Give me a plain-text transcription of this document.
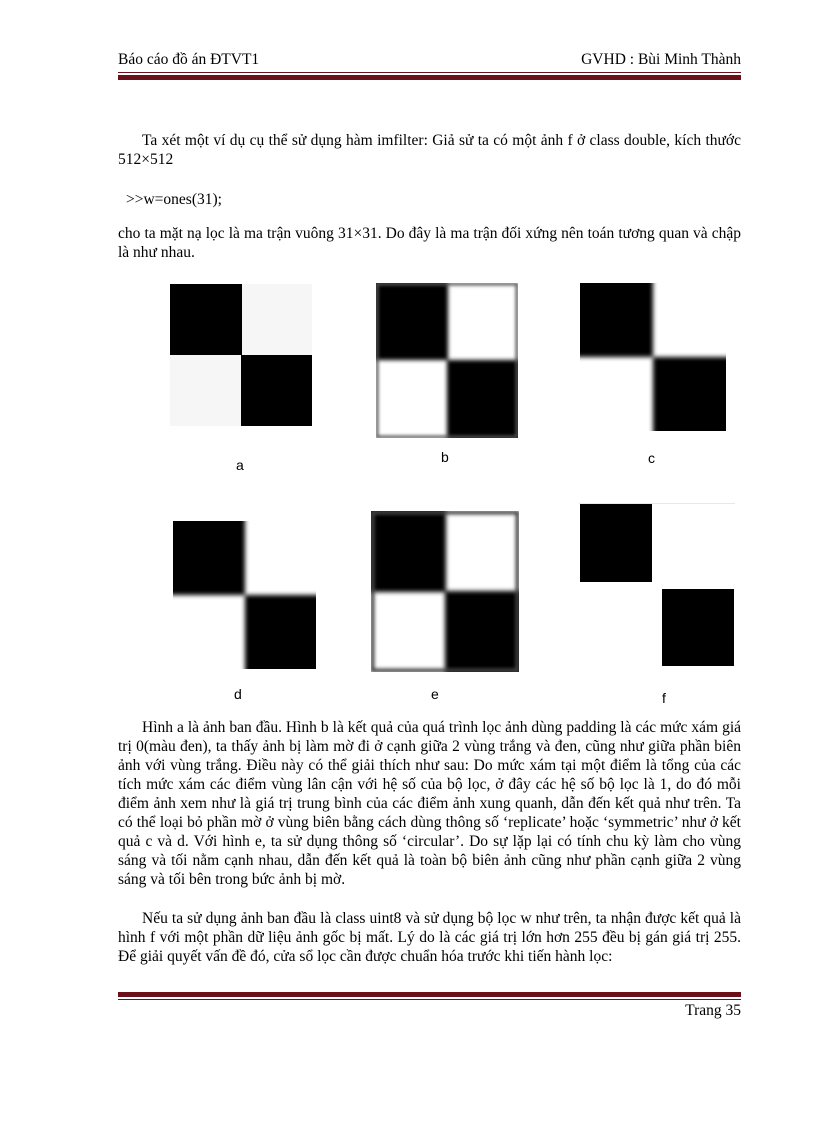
Báo cáo đồ án ĐTVT1	GVHD : Bùi Minh Thành

Ta xét một ví dụ cụ thể sử dụng hàm imfilter: Giả sử ta có một ảnh f ở class double, kích thước 512×512

>>w=ones(31);

cho ta mặt nạ lọc là ma trận vuông 31×31. Do đây là ma trận đối xứng nên toán tương quan và chập là như nhau.

a	b	c
d	e	f

Hình a là ảnh ban đầu. Hình b là kết quả của quá trình lọc ảnh dùng padding là các mức xám giá trị 0(màu đen), ta thấy ảnh bị làm mờ đi ở cạnh giữa 2 vùng trắng và đen, cũng như giữa phần biên ảnh với vùng trắng. Điều này có thể giải thích như sau: Do mức xám tại một điểm là tổng của các tích mức xám các điểm vùng lân cận với hệ số của bộ lọc, ở đây các hệ số bộ lọc là 1, do đó mỗi điểm ảnh xem như là giá trị trung bình của các điểm ảnh xung quanh, dẫn đến kết quả như trên. Ta có thể loại bỏ phần mờ ở vùng biên bằng cách dùng thông số ‘replicate’ hoặc ‘symmetric’ như ở kết quả c và d. Với hình e, ta sử dụng thông số ‘circular’. Do sự lặp lại có tính chu kỳ làm cho vùng sáng và tối nằm cạnh nhau, dẫn đến kết quả là toàn bộ biên ảnh cũng như phần cạnh giữa 2 vùng sáng và tối bên trong bức ảnh bị mờ.

Nếu ta sử dụng ảnh ban đầu là class uint8 và sử dụng bộ lọc w như trên, ta nhận được kết quả là hình f với một phần dữ liệu ảnh gốc bị mất. Lý do là các giá trị lớn hơn 255 đều bị gán giá trị 255. Để giải quyết vấn đề đó, cửa sổ lọc cần được chuẩn hóa trước khi tiến hành lọc:

Trang 35
